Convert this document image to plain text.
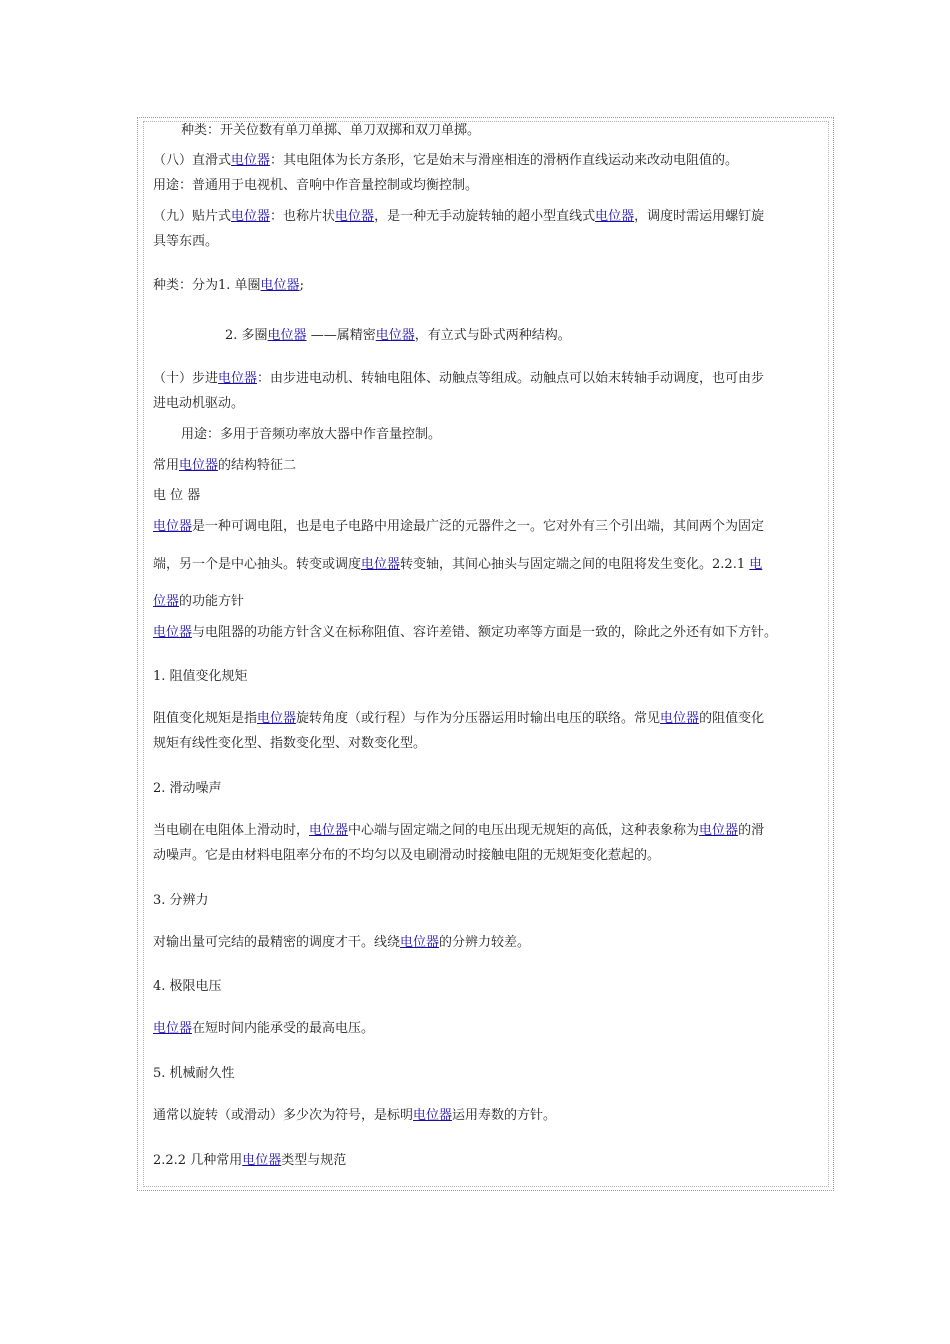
种类：开关位数有单刀单掷、单刀双掷和双刀单掷。
（八）直滑式电位器：其电阻体为长方条形，它是始末与滑座相连的滑柄作直线运动来改动电阻值的。
用途：普通用于电视机、音响中作音量控制或均衡控制。
（九）贴片式电位器：也称片状电位器，是一种无手动旋转轴的超小型直线式电位器，调度时需运用螺钉旋
具等东西。
种类：分为1. 单圈电位器;
2. 多圈电位器 ——属精密电位器，有立式与卧式两种结构。
（十）步进电位器：由步进电动机、转轴电阻体、动触点等组成。动触点可以始末转轴手动调度，也可由步
进电动机驱动。
用途：多用于音频功率放大器中作音量控制。
常用电位器的结构特征二
电 位 器
电位器是一种可调电阻，也是电子电路中用途最广泛的元器件之一。它对外有三个引出端，其间两个为固定
端，另一个是中心抽头。转变或调度电位器转变轴，其间心抽头与固定端之间的电阻将发生变化。2.2.1 电
位器的功能方针
电位器与电阻器的功能方针含义在标称阻值、容许差错、额定功率等方面是一致的，除此之外还有如下方针。
1. 阻值变化规矩
阻值变化规矩是指电位器旋转角度（或行程）与作为分压器运用时输出电压的联络。常见电位器的阻值变化
规矩有线性变化型、指数变化型、对数变化型。
2. 滑动噪声
当电刷在电阻体上滑动时，电位器中心端与固定端之间的电压出现无规矩的高低，这种表象称为电位器的滑
动噪声。它是由材料电阻率分布的不均匀以及电刷滑动时接触电阻的无规矩变化惹起的。
3. 分辨力
对输出量可完结的最精密的调度才干。线绕电位器的分辨力较差。
4. 极限电压
电位器在短时间内能承受的最高电压。
5. 机械耐久性
通常以旋转（或滑动）多少次为符号，是标明电位器运用寿数的方针。
2.2.2 几种常用电位器类型与规范
